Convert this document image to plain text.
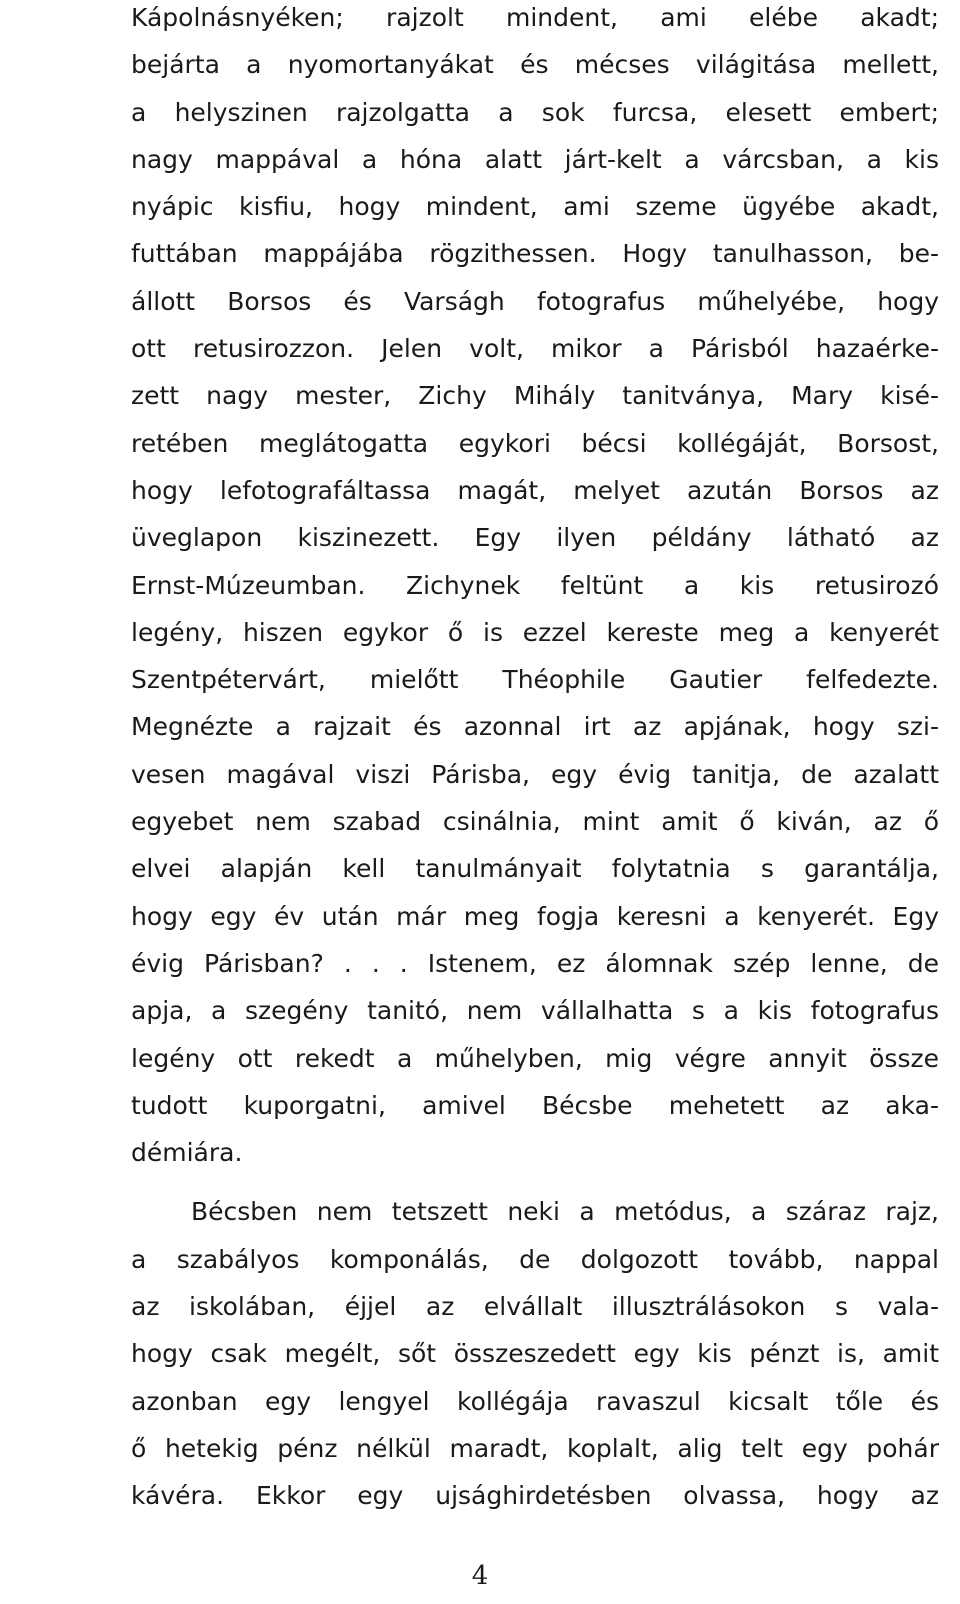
Kápolnásnyéken; rajzolt mindent, ami elébe akadt;
bejárta a nyomortanyákat és mécses világitása mellett,
a helyszinen rajzolgatta a sok furcsa, elesett embert;
nagy mappával a hóna alatt járt-kelt a várcsban, a kis
nyápic kisfiu, hogy mindent, ami szeme ügyébe akadt,
futtában mappájába rögzithessen. Hogy tanulhasson, be-
állott Borsos és Varságh fotografus műhelyébe, hogy
ott retusirozzon. Jelen volt, mikor a Párisból hazaérke-
zett nagy mester, Zichy Mihály tanitványa, Mary kisé-
retében meglátogatta egykori bécsi kollégáját, Borsost,
hogy lefotografáltassa magát, melyet azután Borsos az
üveglapon kiszinezett. Egy ilyen példány látható az
Ernst-Múzeumban. Zichynek feltünt a kis retusirozó
legény, hiszen egykor ő is ezzel kereste meg a kenyerét
Szentpétervárt, mielőtt Théophile Gautier felfedezte.
Megnézte a rajzait és azonnal irt az apjának, hogy szi-
vesen magával viszi Párisba, egy évig tanitja, de azalatt
egyebet nem szabad csinálnia, mint amit ő kiván, az ő
elvei alapján kell tanulmányait folytatnia s garantálja,
hogy egy év után már meg fogja keresni a kenyerét. Egy
évig Párisban? . . . Istenem, ez álomnak szép lenne, de
apja, a szegény tanitó, nem vállalhatta s a kis fotografus
legény ott rekedt a műhelyben, mig végre annyit össze
tudott kuporgatni, amivel Bécsbe mehetett az aka-
démiára.
Bécsben nem tetszett neki a metódus, a száraz rajz,
a szabályos komponálás, de dolgozott tovább, nappal
az iskolában, éjjel az elvállalt illusztrálásokon s vala-
hogy csak megélt, sőt összeszedett egy kis pénzt is, amit
azonban egy lengyel kollégája ravaszul kicsalt tőle és
ő hetekig pénz nélkül maradt, koplalt, alig telt egy pohár
kávéra. Ekkor egy ujsághirdetésben olvassa, hogy az
4
